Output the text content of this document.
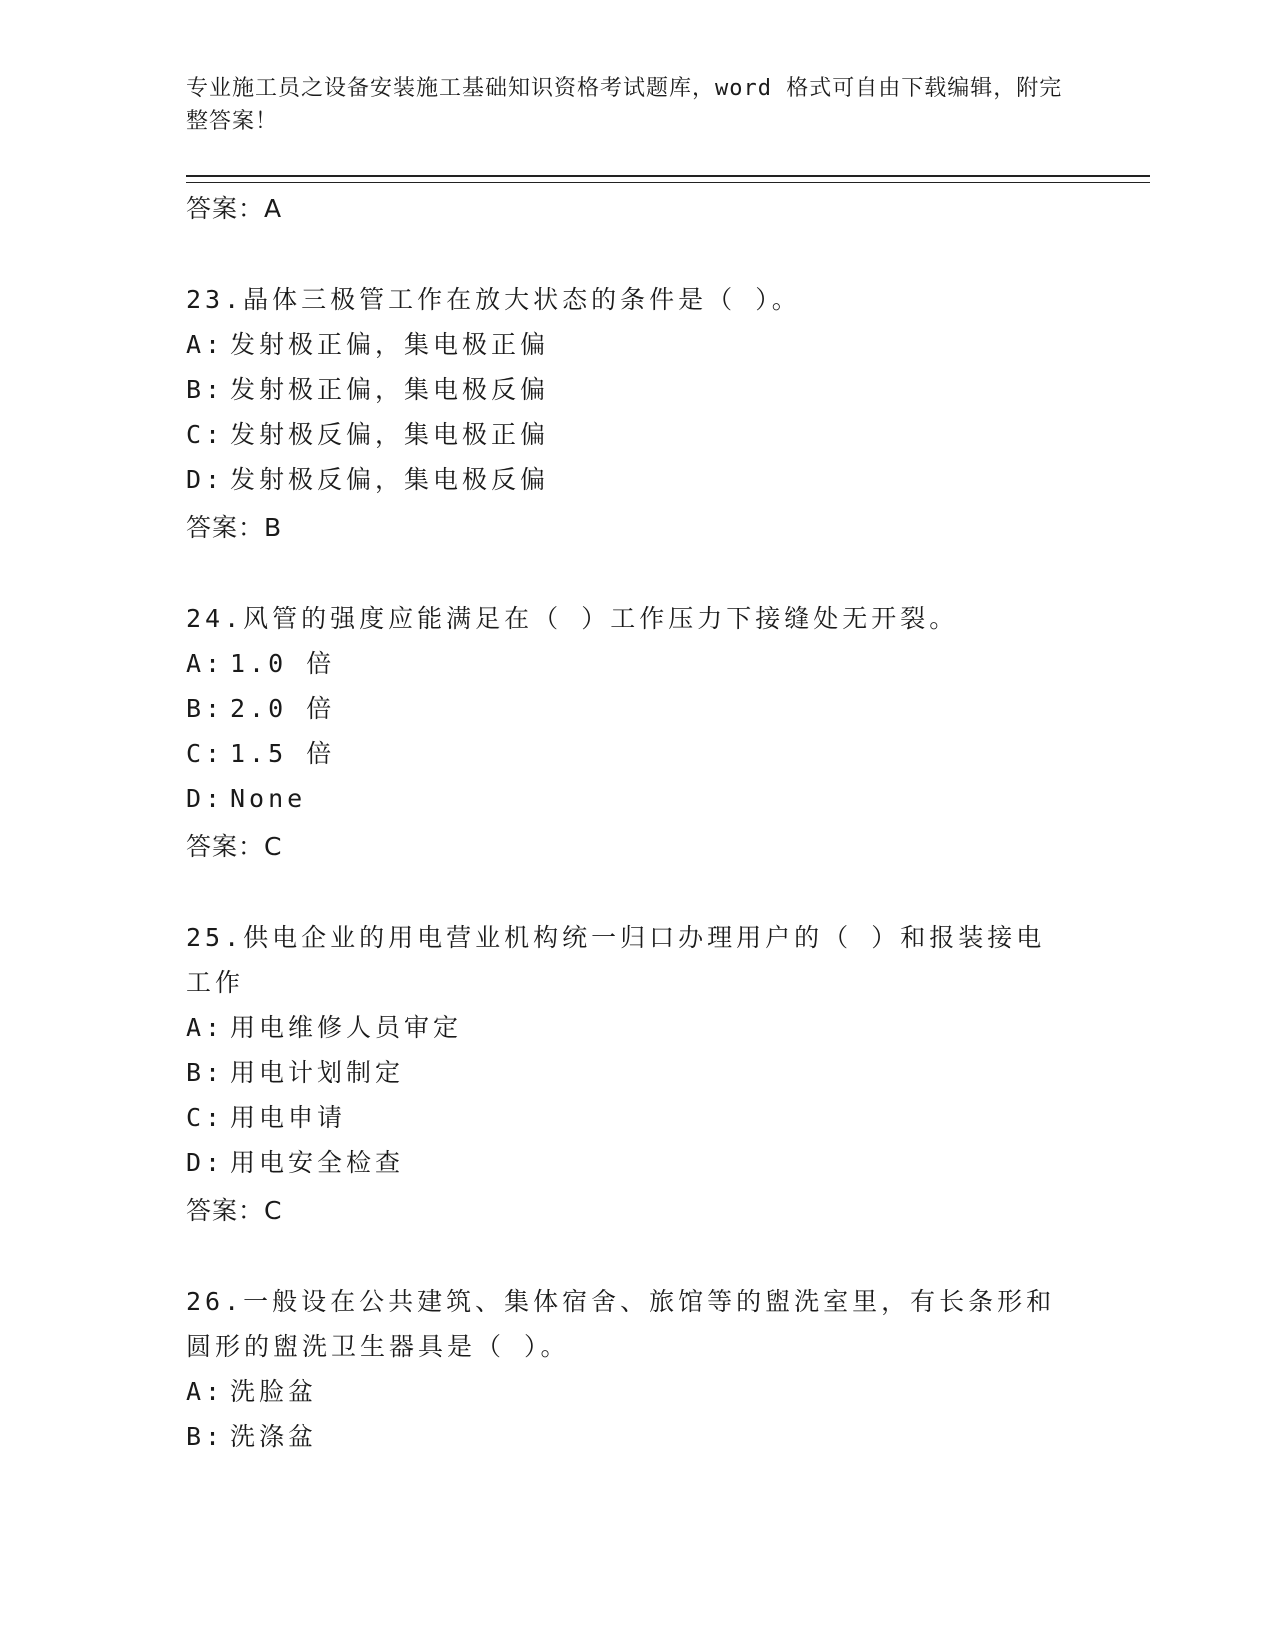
专业施工员之设备安装施工基础知识资格考试题库，word 格式可自由下载编辑，附完整答案！

答案：A

23.晶体三极管工作在放大状态的条件是（ ）。

A: 发射极正偏，集电极正偏
B: 发射极正偏，集电极反偏
C: 发射极反偏，集电极正偏
D: 发射极反偏，集电极反偏
答案：B

24.风管的强度应能满足在（ ）工作压力下接缝处无开裂。

A: 1.0 倍
B: 2.0 倍
C: 1.5 倍
D: None
答案：C

25.供电企业的用电营业机构统一归口办理用户的（ ）和报装接电工作

A: 用电维修人员审定
B: 用电计划制定
C: 用电申请
D: 用电安全检查
答案：C

26.一般设在公共建筑、集体宿舍、旅馆等的盥洗室里，有长条形和圆形的盥洗卫生器具是（ ）。

A: 洗脸盆
B: 洗涤盆
